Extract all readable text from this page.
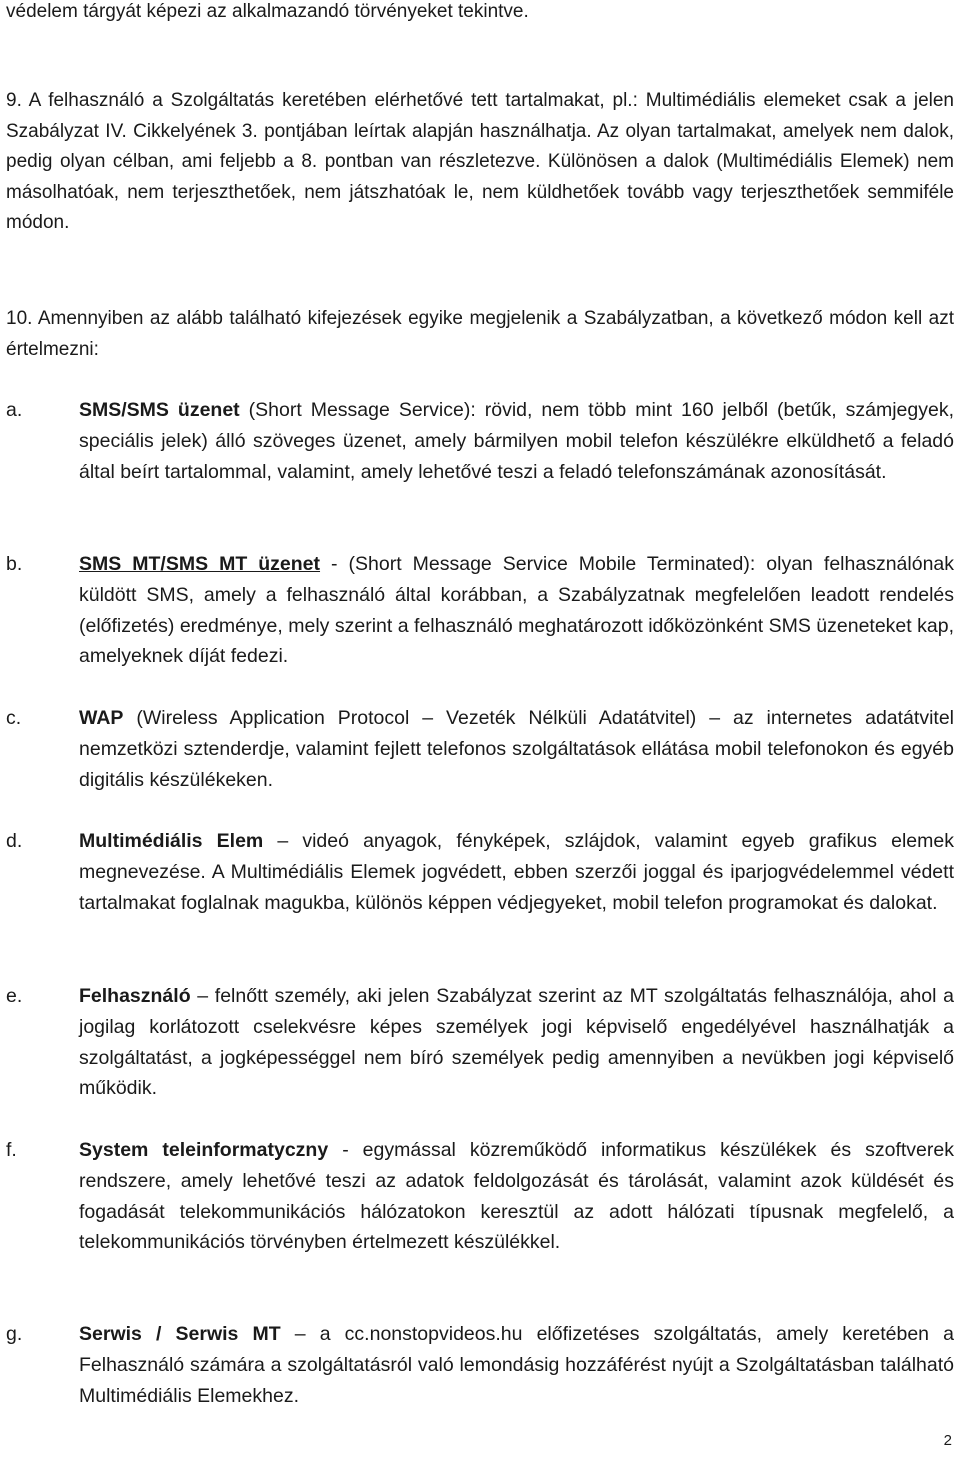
védelem tárgyát képezi az alkalmazandó törvényeket tekintve.

9. A felhasználó a Szolgáltatás keretében elérhetővé tett tartalmakat, pl.: Multimédiális elemeket csak a jelen Szabályzat IV. Cikkelyének 3. pontjában leírtak alapján használhatja. Az olyan tartalmakat, amelyek nem dalok, pedig olyan célban, ami feljebb a 8. pontban van részletezve. Különösen a dalok (Multimédiális Elemek) nem másolhatóak, nem terjeszthetőek, nem játszhatóak le, nem küldhetőek tovább vagy terjeszthetőek semmiféle módon.

10. Amennyiben az alább található kifejezések egyike megjelenik a Szabályzatban, a következő módon kell azt értelmezni:

a.	SMS/SMS üzenet (Short Message Service): rövid, nem több mint 160 jelből (betűk, számjegyek, speciális jelek) álló szöveges üzenet, amely bármilyen mobil telefon készülékre elküldhető a feladó által beírt tartalommal, valamint, amely lehetővé teszi a feladó telefonszámának azonosítását.

b.	SMS MT/SMS MT üzenet - (Short Message Service Mobile Terminated): olyan felhasználónak küldött SMS, amely a felhasználó által korábban, a Szabályzatnak megfelelően leadott rendelés (előfizetés) eredménye, mely szerint a felhasználó meghatározott időközönként SMS üzeneteket kap, amelyeknek díját fedezi.

c.	WAP (Wireless Application Protocol – Vezeték Nélküli Adatátvitel) – az internetes adatátvitel nemzetközi sztenderdje, valamint fejlett telefonos szolgáltatások ellátása mobil telefonokon és egyéb digitális készülékeken.

d.	Multimédiális Elem – videó anyagok, fényképek, szlájdok, valamint egyeb grafikus elemek megnevezése. A Multimédiális Elemek jogvédett, ebben szerzői joggal és iparjogvédelemmel védett tartalmakat foglalnak magukba, különös képpen védjegyeket, mobil telefon programokat és dalokat.

e.	Felhasználó – felnőtt személy, aki jelen Szabályzat szerint az MT szolgáltatás felhasználója, ahol a jogilag korlátozott cselekvésre képes személyek jogi képviselő engedélyével használhatják a szolgáltatást, a jogképességgel nem bíró személyek pedig amennyiben a nevükben jogi képviselő működik.

f.	System teleinformatyczny - egymással közreműködő informatikus készülékek és szoftverek rendszere, amely lehetővé teszi az adatok feldolgozását és tárolását, valamint azok küldését és fogadását telekommunikációs hálózatokon keresztül az adott hálózati típusnak megfelelő, a telekommunikációs törvényben értelmezett készülékkel.

g.	Serwis / Serwis MT – a cc.nonstopvideos.hu előfizetéses szolgáltatás, amely keretében a Felhasználó számára a szolgáltatásról való lemondásig hozzáférést nyújt a Szolgáltatásban található Multimédiális Elemekhez.

2
